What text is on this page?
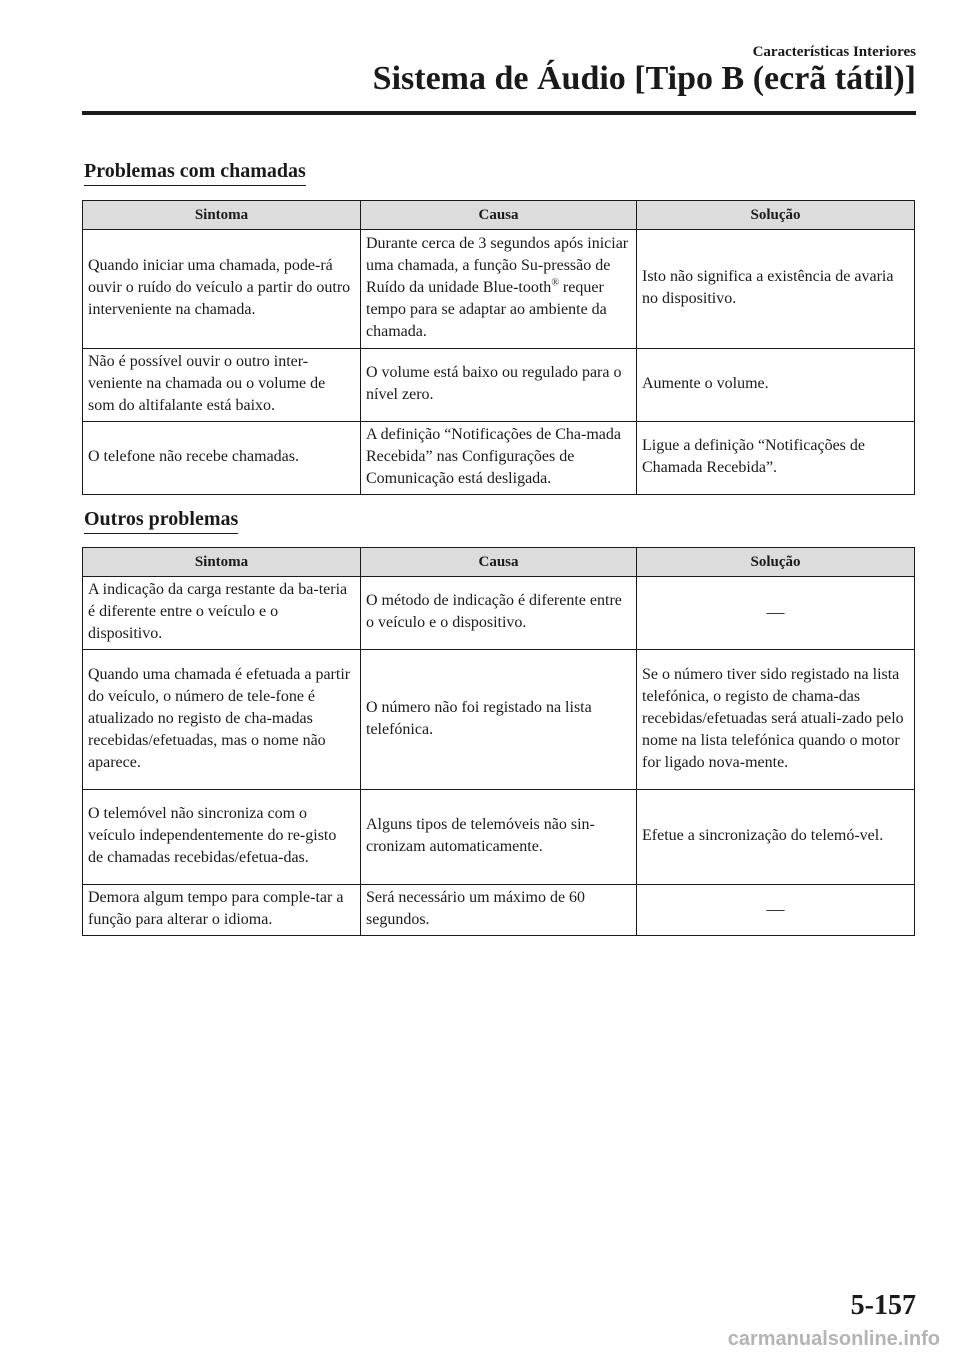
Características Interiores
Sistema de Áudio [Tipo B (ecrã tátil)]
Problemas com chamadas
Sintoma	Causa	Solução
Quando iniciar uma chamada, pode-rá ouvir o ruído do veículo a partir do outro interveniente na chamada.	Durante cerca de 3 segundos após iniciar uma chamada, a função Su-pressão de Ruído da unidade Blue-tooth® requer tempo para se adaptar ao ambiente da chamada.	Isto não significa a existência de avaria no dispositivo.
Não é possível ouvir o outro inter-veniente na chamada ou o volume de som do altifalante está baixo.	O volume está baixo ou regulado para o nível zero.	Aumente o volume.
O telefone não recebe chamadas.	A definição “Notificações de Cha-mada Recebida” nas Configurações de Comunicação está desligada.	Ligue a definição “Notificações de Chamada Recebida”.
Outros problemas
Sintoma	Causa	Solução
A indicação da carga restante da ba-teria é diferente entre o veículo e o dispositivo.	O método de indicação é diferente entre o veículo e o dispositivo.	—
Quando uma chamada é efetuada a partir do veículo, o número de tele-fone é atualizado no registo de cha-madas recebidas/efetuadas, mas o nome não aparece.	O número não foi registado na lista telefónica.	Se o número tiver sido registado na lista telefónica, o registo de chama-das recebidas/efetuadas será atuali-zado pelo nome na lista telefónica quando o motor for ligado nova-mente.
O telemóvel não sincroniza com o veículo independentemente do re-gisto de chamadas recebidas/efetua-das.	Alguns tipos de telemóveis não sin-cronizam automaticamente.	Efetue a sincronização do telemó-vel.
Demora algum tempo para comple-tar a função para alterar o idioma.	Será necessário um máximo de 60 segundos.	—
5-157
carmanualsonline.info
